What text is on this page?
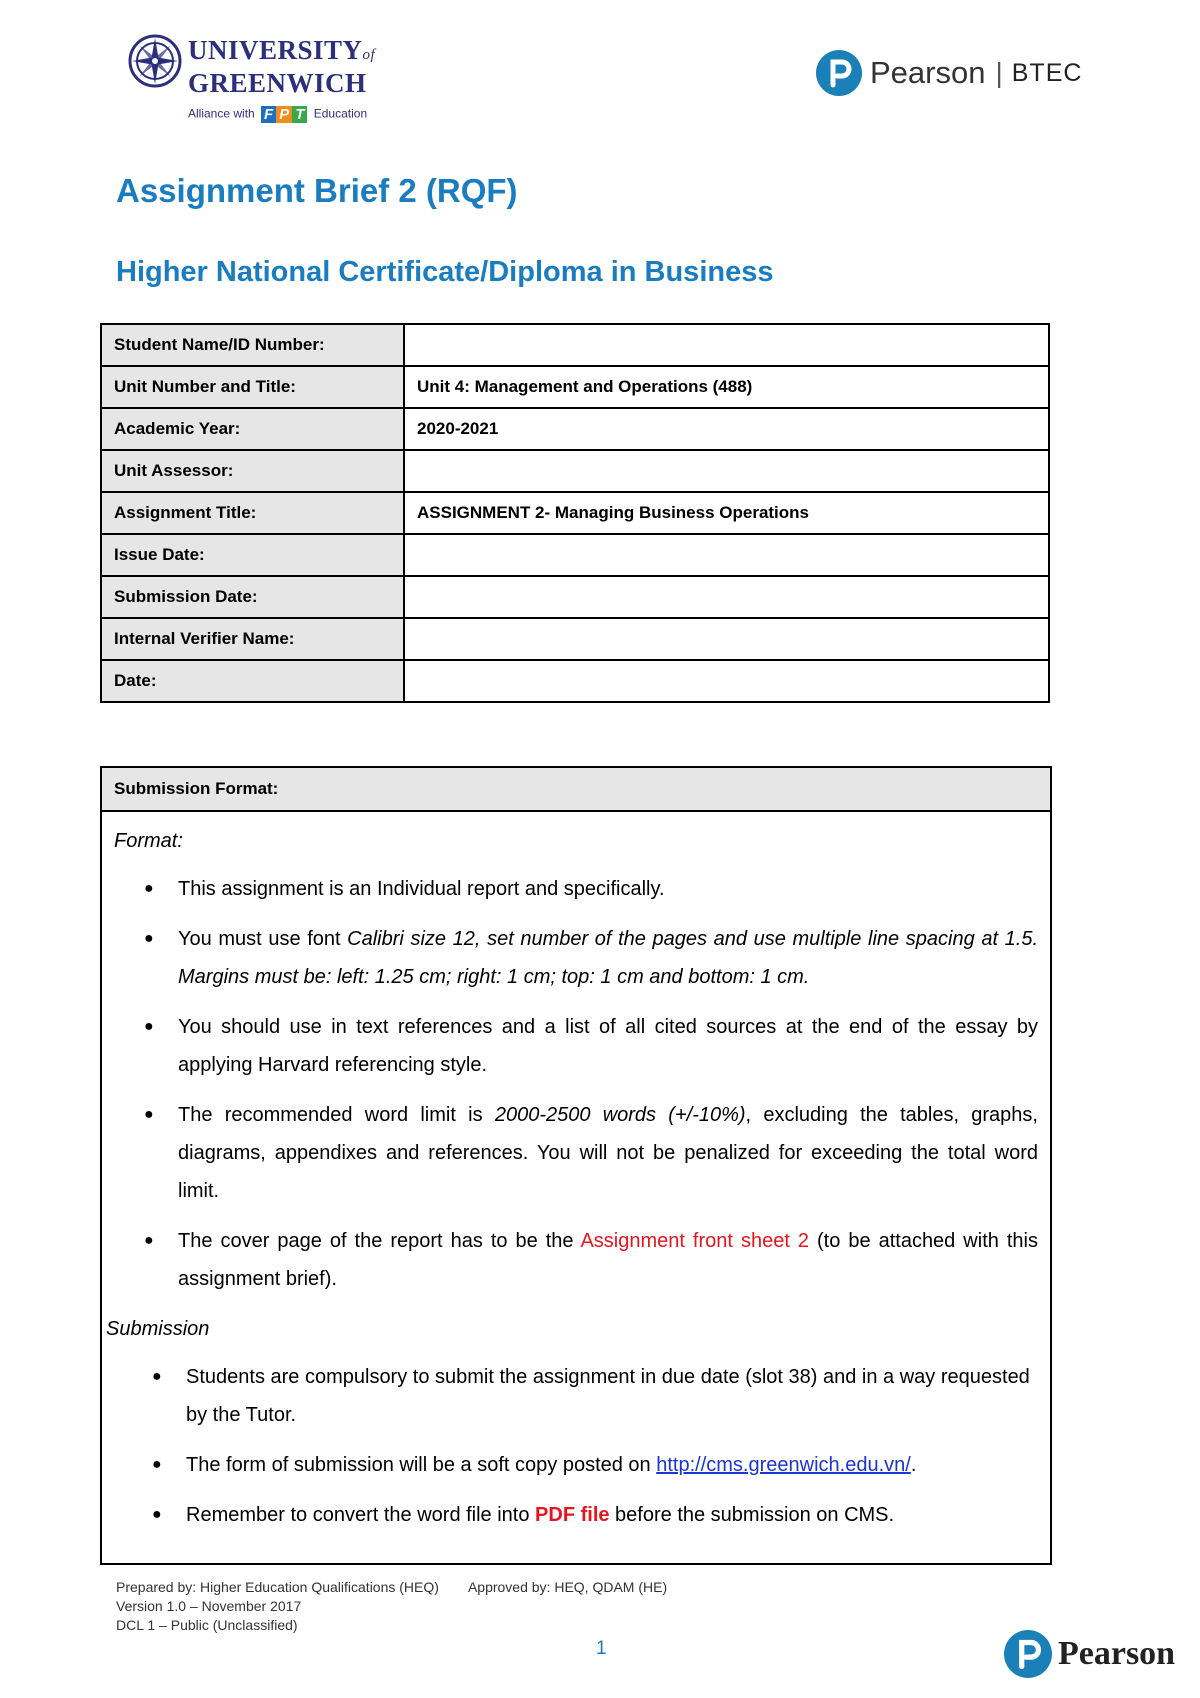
UNIVERSITYof
GREENWICH
Alliance with F P T Education
Pearson | BTEC
Assignment Brief 2 (RQF)
Higher National Certificate/Diploma in Business
Student Name/ID Number:	
Unit Number and Title:	Unit 4: Management and Operations (488)
Academic Year:	2020-2021
Unit Assessor:	
Assignment Title:	ASSIGNMENT 2- Managing Business Operations
Issue Date:	
Submission Date:	
Internal Verifier Name:	
Date:	
Submission Format:
Format:
● This assignment is an Individual report and specifically.
● You must use font Calibri size 12, set number of the pages and use multiple line spacing at 1.5. Margins must be: left: 1.25 cm; right: 1 cm; top: 1 cm and bottom: 1 cm.
● You should use in text references and a list of all cited sources at the end of the essay by applying Harvard referencing style.
● The recommended word limit is 2000-2500 words (+/-10%), excluding the tables, graphs, diagrams, appendixes and references. You will not be penalized for exceeding the total word limit.
● The cover page of the report has to be the Assignment front sheet 2 (to be attached with this assignment brief).
Submission
● Students are compulsory to submit the assignment in due date (slot 38) and in a way requested by the Tutor.
● The form of submission will be a soft copy posted on http://cms.greenwich.edu.vn/.
● Remember to convert the word file into PDF file before the submission on CMS.
Prepared by: Higher Education Qualifications (HEQ) Approved by: HEQ, QDAM (HE)
Version 1.0 – November 2017
DCL 1 – Public (Unclassified)
1	Pearson
